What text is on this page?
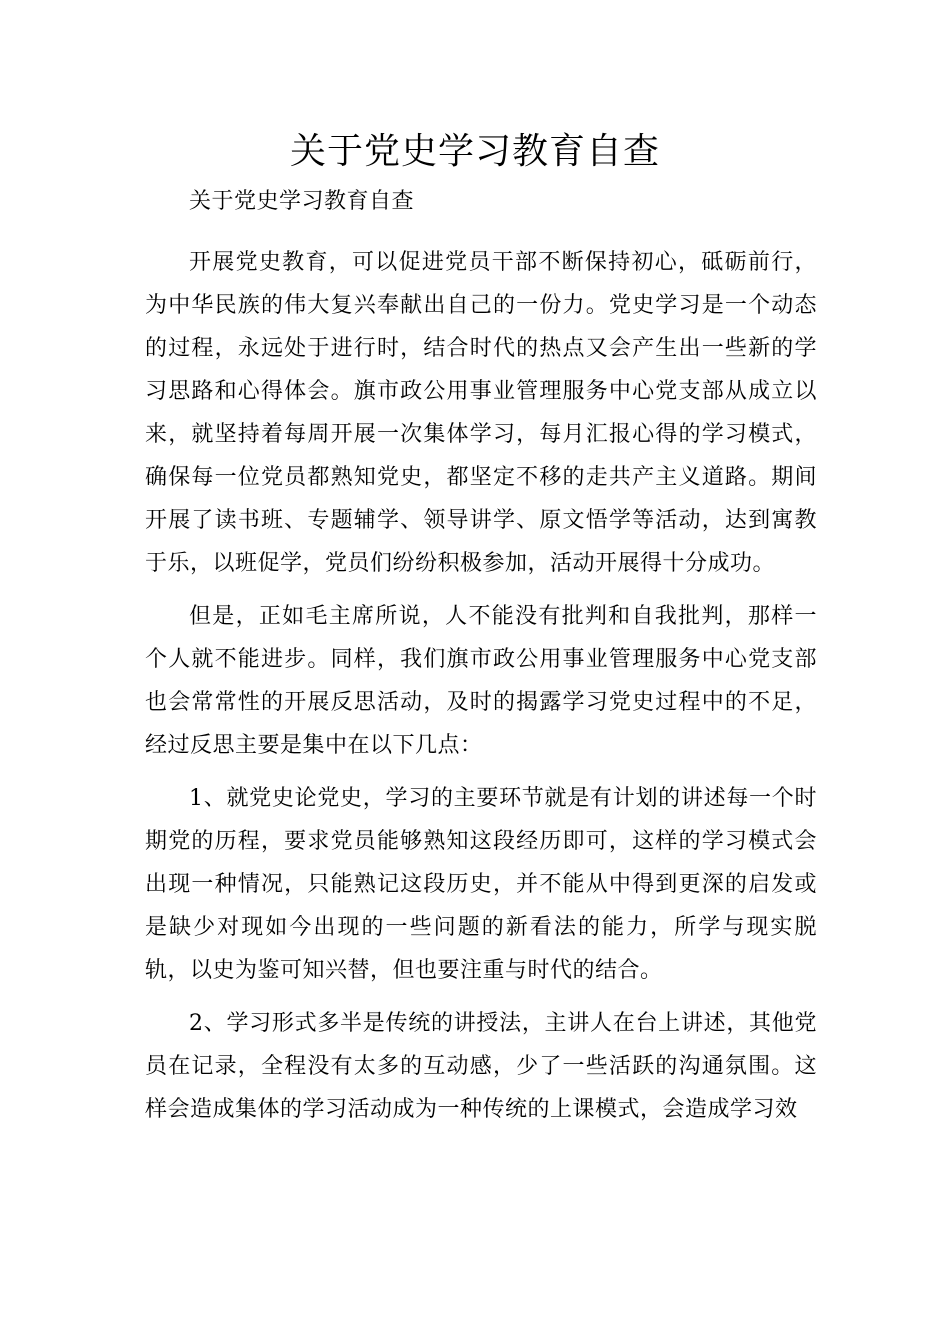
关于党史学习教育自查

关于党史学习教育自查

开展党史教育，可以促进党员干部不断保持初心，砥砺前行，为中华民族的伟大复兴奉献出自己的一份力。党史学习是一个动态的过程，永远处于进行时，结合时代的热点又会产生出一些新的学习思路和心得体会。旗市政公用事业管理服务中心党支部从成立以来，就坚持着每周开展一次集体学习，每月汇报心得的学习模式，确保每一位党员都熟知党史，都坚定不移的走共产主义道路。期间开展了读书班、专题辅学、领导讲学、原文悟学等活动，达到寓教于乐，以班促学，党员们纷纷积极参加，活动开展得十分成功。

但是，正如毛主席所说，人不能没有批判和自我批判，那样一个人就不能进步。同样，我们旗市政公用事业管理服务中心党支部也会常常性的开展反思活动，及时的揭露学习党史过程中的不足，经过反思主要是集中在以下几点：

1、就党史论党史，学习的主要环节就是有计划的讲述每一个时期党的历程，要求党员能够熟知这段经历即可，这样的学习模式会出现一种情况，只能熟记这段历史，并不能从中得到更深的启发或是缺少对现如今出现的一些问题的新看法的能力，所学与现实脱轨，以史为鉴可知兴替，但也要注重与时代的结合。

2、学习形式多半是传统的讲授法，主讲人在台上讲述，其他党员在记录，全程没有太多的互动感，少了一些活跃的沟通氛围。这样会造成集体的学习活动成为一种传统的上课模式，会造成学习效
